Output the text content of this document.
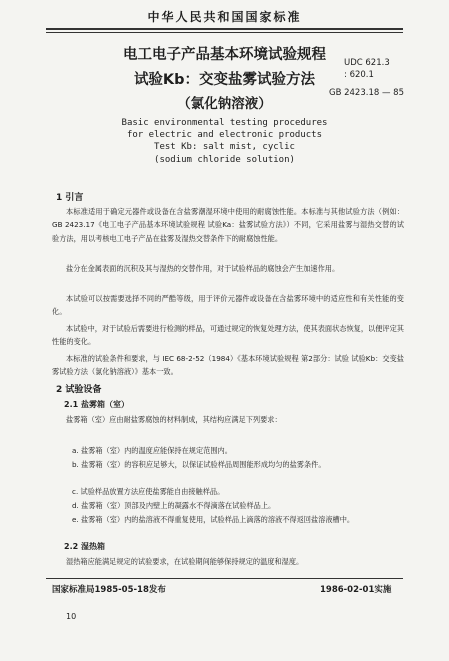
中华人民共和国国家标准
电工电子产品基本环境试验规程
试验Kb：交变盐雾试验方法
（氯化钠溶液）
UDC 621.3
: 620.1
GB 2423.18 — 85
Basic environmental testing procedures
for electric and electronic products
Test Kb: salt mist, cyclic
(sodium chloride solution)
1 引言
本标准适用于确定元器件或设备在含盐雾潮湿环境中使用的耐腐蚀性能。本标准与其他试验方法（例如：GB 2423.17《电工电子产品基本环境试验规程 试验Ka：盐雾试验方法》）不同，它采用盐雾与湿热交替的试验方法，用以考核电工电子产品在盐雾及湿热交替条件下的耐腐蚀性能。
盐分在金属表面的沉积及其与湿热的交替作用，对于试验样品的腐蚀会产生加速作用。
本试验可以按需要选择不同的严酷等级，用于评价元器件或设备在含盐雾环境中的适应性和有关性能的变化。
本试验中，对于试验后需要进行检测的样品，可通过规定的恢复处理方法，使其表面状态恢复，以便评定其性能的变化。
本标准的试验条件和要求，与 IEC 68-2-52（1984）《基本环境试验规程 第2部分：试验 试验Kb：交变盐雾试验方法（氯化钠溶液）》基本一致。
2 试验设备
2.1 盐雾箱（室）
盐雾箱（室）应由耐盐雾腐蚀的材料制成，其结构应满足下列要求：
a. 盐雾箱（室）内的温度应能保持在规定范围内。
b. 盐雾箱（室）的容积应足够大，以保证试验样品周围能形成均匀的盐雾条件。
c. 试验样品放置方法应使盐雾能自由接触样品。
d. 盐雾箱（室）顶部及内壁上的凝露水不得滴落在试验样品上。
e. 盐雾箱（室）内的盐溶液不得重复使用，试验样品上滴落的溶液不得返回盐溶液槽中。
2.2 湿热箱
湿热箱应能满足规定的试验要求，在试验期间能够保持规定的温度和湿度。
国家标准局1985-05-18发布	1986-02-01实施
10
